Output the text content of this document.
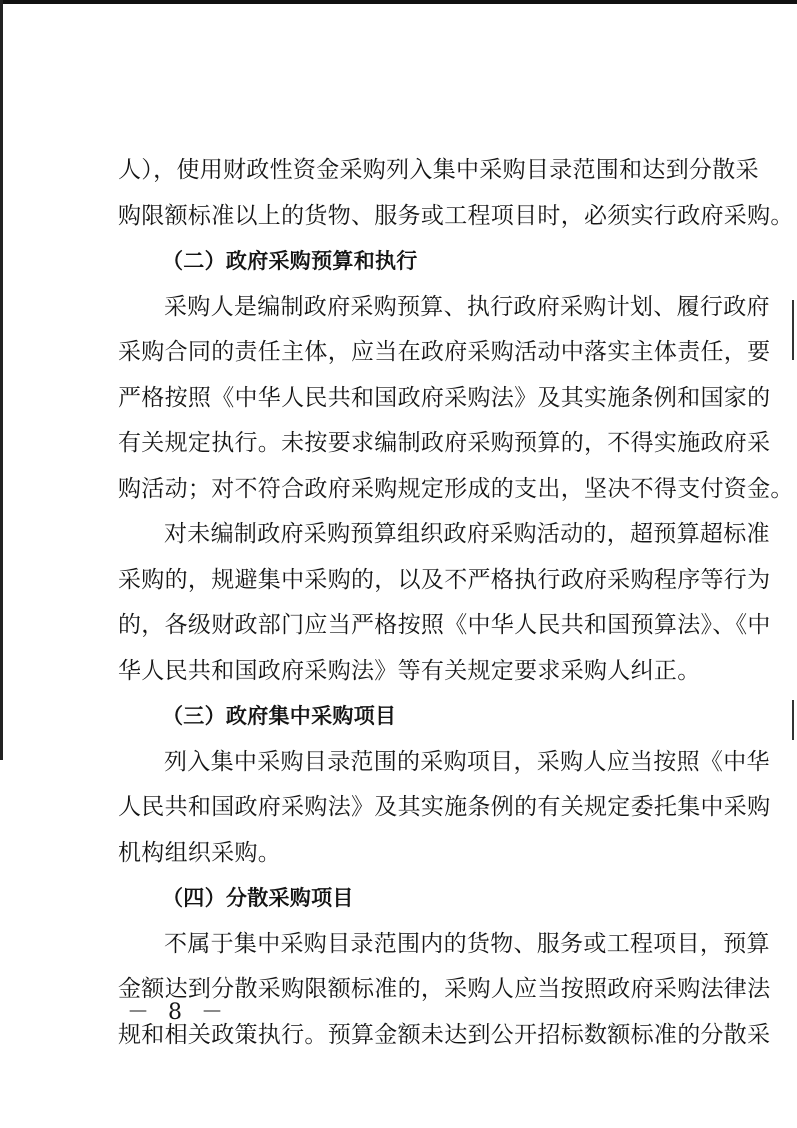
人），使用财政性资金采购列入集中采购目录范围和达到分散采
购限额标准以上的货物、服务或工程项目时，必须实行政府采购。
（二）政府采购预算和执行
采购人是编制政府采购预算、执行政府采购计划、履行政府
采购合同的责任主体，应当在政府采购活动中落实主体责任，要
严格按照《中华人民共和国政府采购法》及其实施条例和国家的
有关规定执行。未按要求编制政府采购预算的，不得实施政府采
购活动；对不符合政府采购规定形成的支出，坚决不得支付资金。
对未编制政府采购预算组织政府采购活动的，超预算超标准
采购的，规避集中采购的，以及不严格执行政府采购程序等行为
的，各级财政部门应当严格按照《中华人民共和国预算法》、《中
华人民共和国政府采购法》等有关规定要求采购人纠正。
（三）政府集中采购项目
列入集中采购目录范围的采购项目，采购人应当按照《中华
人民共和国政府采购法》及其实施条例的有关规定委托集中采购
机构组织采购。
（四）分散采购项目
不属于集中采购目录范围内的货物、服务或工程项目，预算
金额达到分散采购限额标准的，采购人应当按照政府采购法律法
规和相关政策执行。预算金额未达到公开招标数额标准的分散采
－ 8 －
